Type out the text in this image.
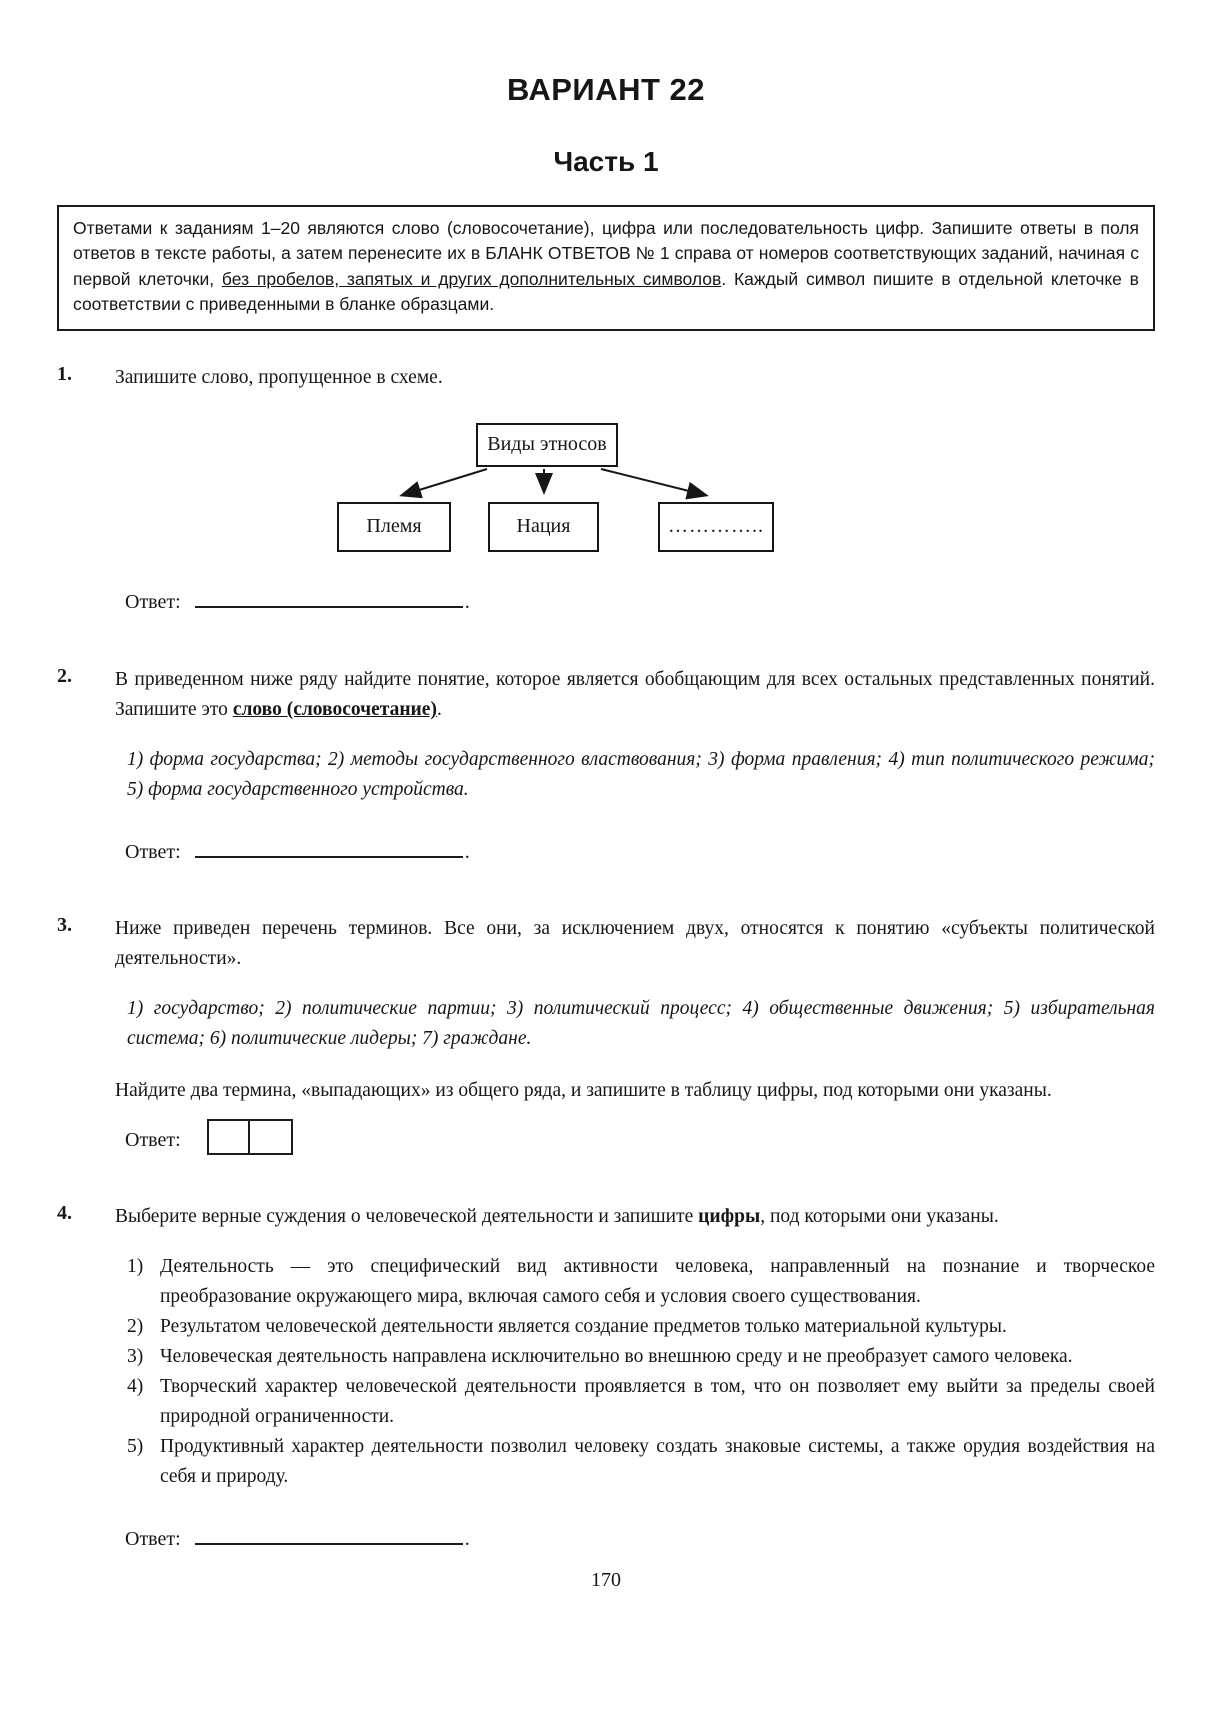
ВАРИАНТ 22
Часть 1
Ответами к заданиям 1–20 являются слово (словосочетание), цифра или последовательность цифр. Запишите ответы в поля ответов в тексте работы, а затем перенесите их в БЛАНК ОТВЕТОВ № 1 справа от номеров соответствующих заданий, начиная с первой клеточки, без пробелов, запятых и других дополнительных символов. Каждый символ пишите в отдельной клеточке в соответствии с приведенными в бланке образцами.
1.	Запишите слово, пропущенное в схеме.

Виды этносов
Племя	Нация	…………..

Ответ:	.

2.	В приведенном ниже ряду найдите понятие, которое является обобщающим для всех остальных представленных понятий. Запишите это слово (словосочетание).

1) форма государства; 2) методы государственного властвования; 3) форма правления; 4) тип политического режима; 5) форма государственного устройства.

Ответ:	.

3.	Ниже приведен перечень терминов. Все они, за исключением двух, относятся к понятию «субъекты политической деятельности».

1) государство; 2) политические партии; 3) политический процесс; 4) общественные движения; 5) избирательная система; 6) политические лидеры; 7) граждане.

Найдите два термина, «выпадающих» из общего ряда, и запишите в таблицу цифры, под которыми они указаны.

Ответ:
4.	Выберите верные суждения о человеческой деятельности и запишите цифры, под которыми они указаны.

1) Деятельность — это специфический вид активности человека, направленный на познание и творческое преобразование окружающего мира, включая самого себя и условия своего существования.
2) Результатом человеческой деятельности является создание предметов только материальной культуры.
3) Человеческая деятельность направлена исключительно во внешнюю среду и не преобразует самого человека.
4) Творческий характер человеческой деятельности проявляется в том, что он позволяет ему выйти за пределы своей природной ограниченности.
5) Продуктивный характер деятельности позволил человеку создать знаковые системы, а также орудия воздействия на себя и природу.

Ответ:	.

170
